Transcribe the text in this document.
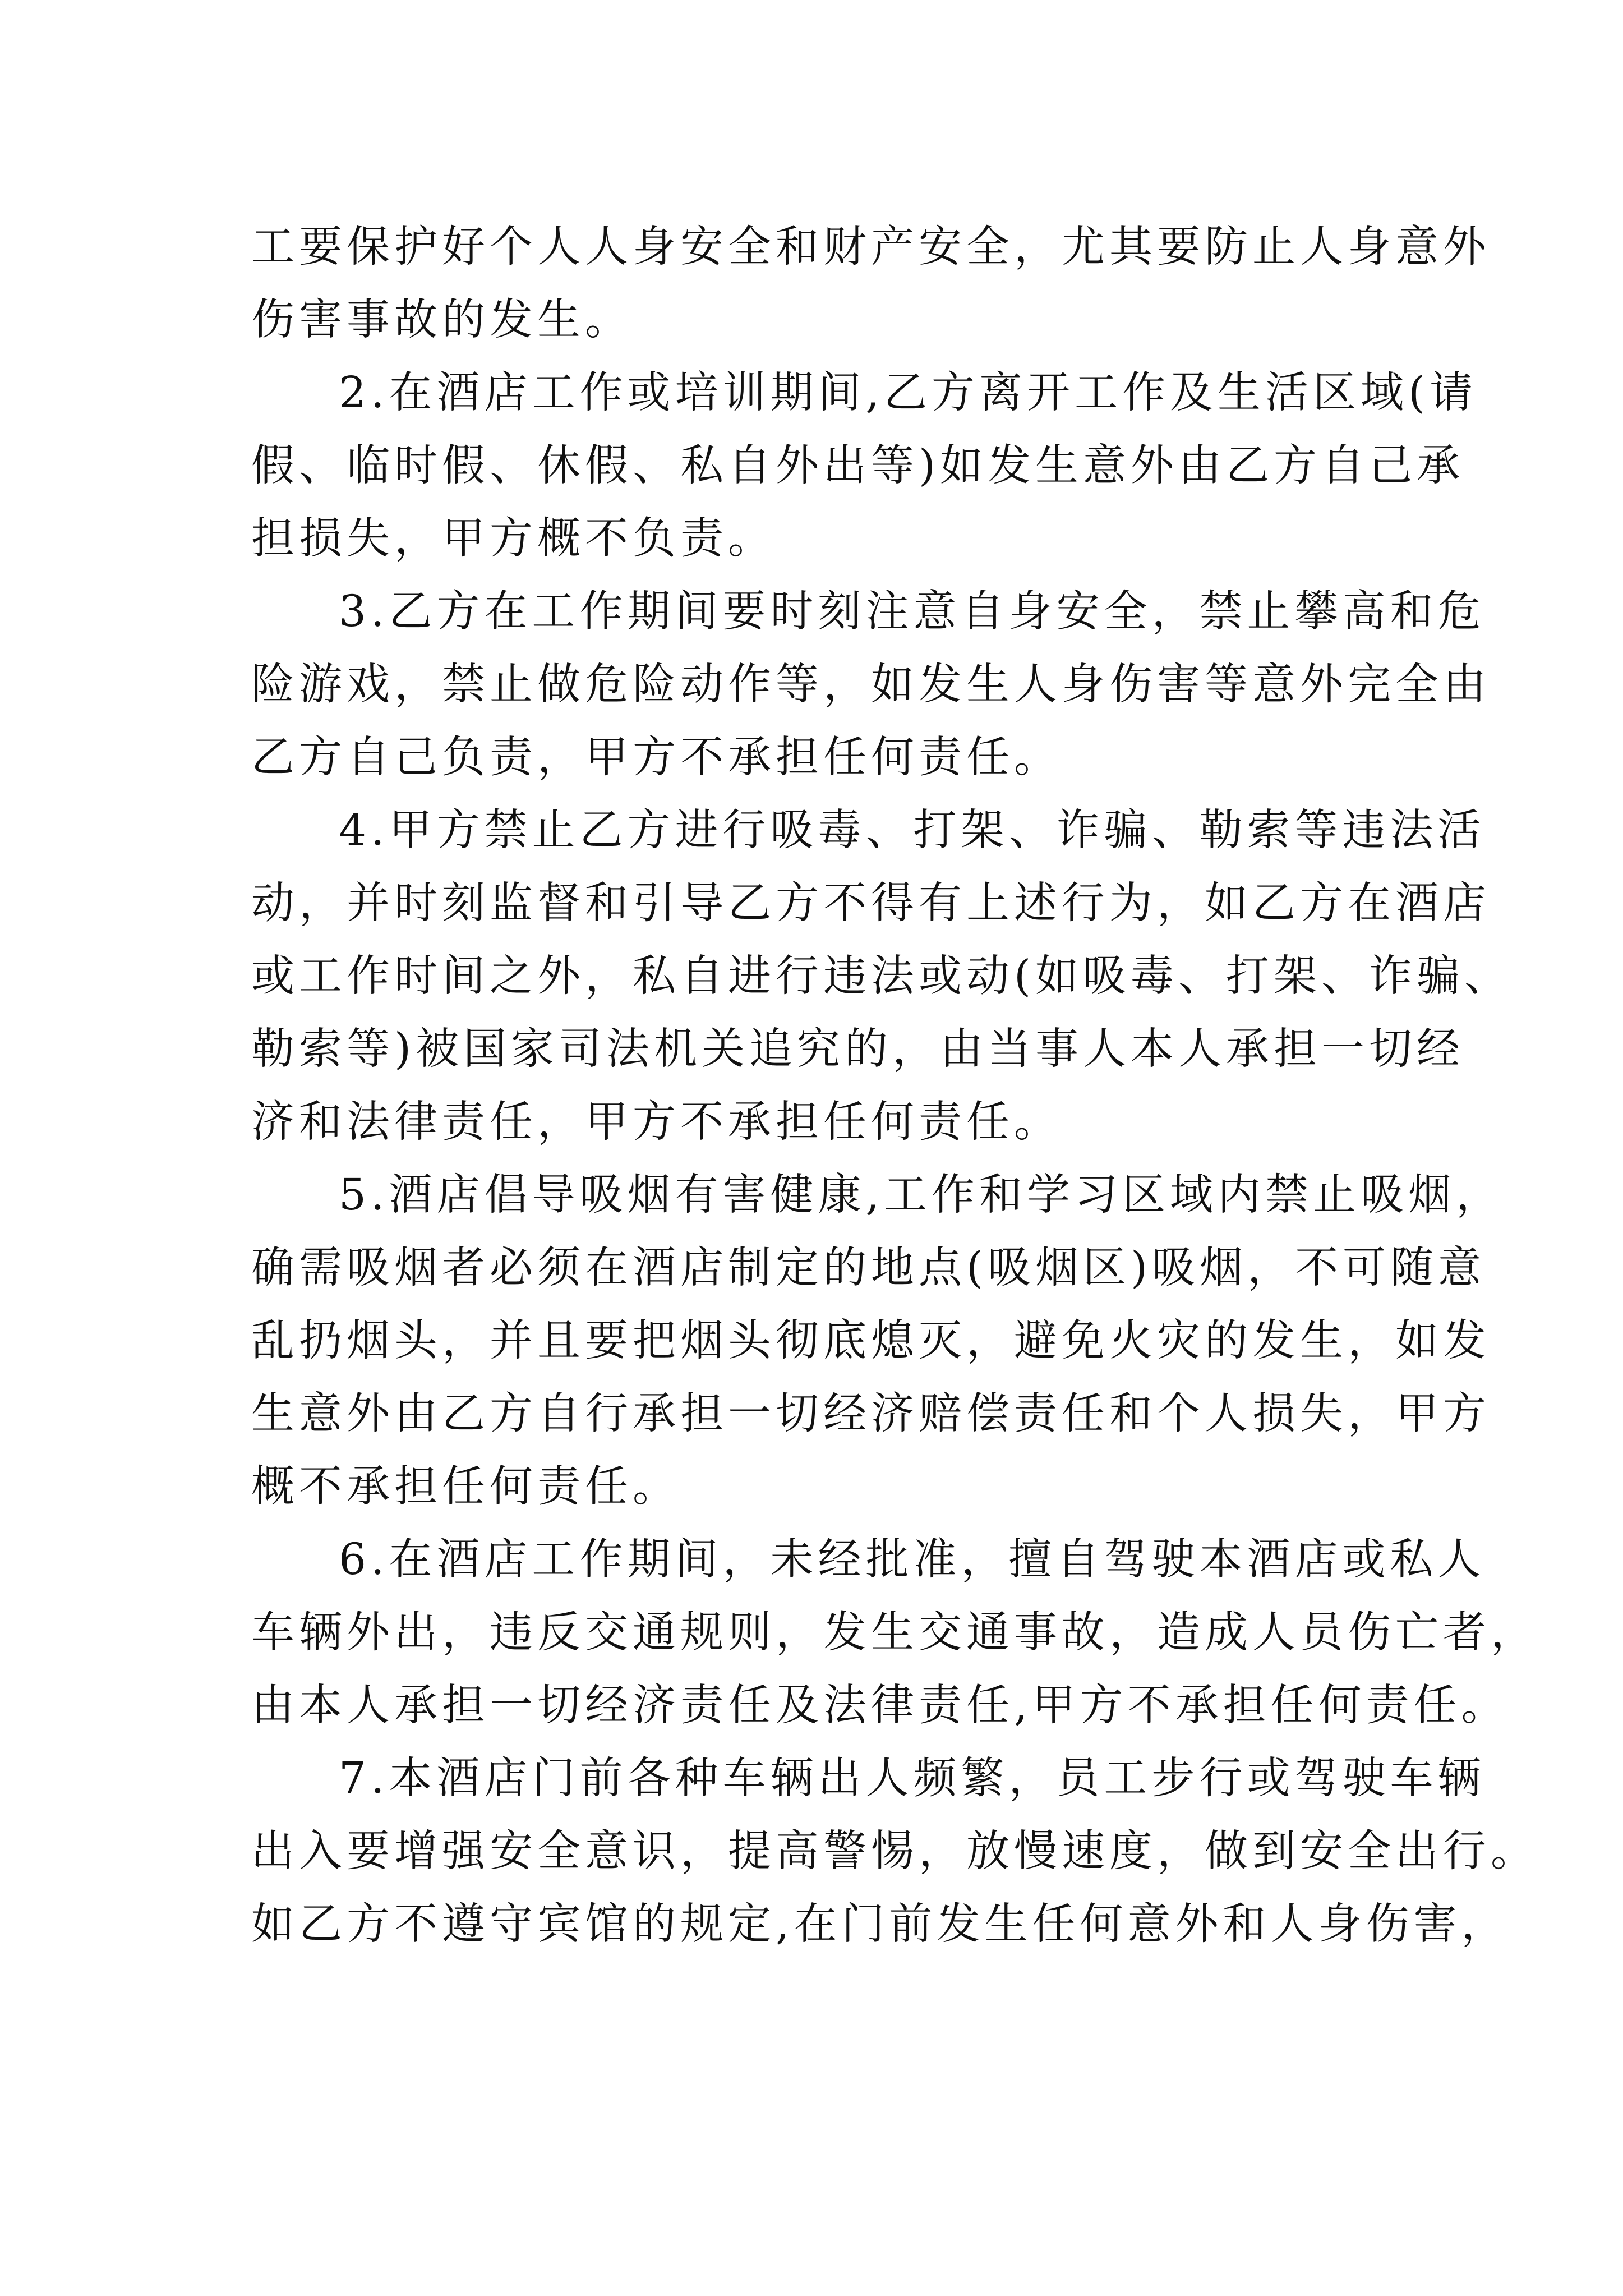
工要保护好个人人身安全和财产安全，尤其要防止人身意外
伤害事故的发生。
2.在酒店工作或培训期间,乙方离开工作及生活区域(请
假、临时假、休假、私自外出等)如发生意外由乙方自己承
担损失，甲方概不负责。
3.乙方在工作期间要时刻注意自身安全，禁止攀高和危
险游戏，禁止做危险动作等，如发生人身伤害等意外完全由
乙方自己负责，甲方不承担任何责任。
4.甲方禁止乙方进行吸毒、打架、诈骗、勒索等违法活
动，并时刻监督和引导乙方不得有上述行为，如乙方在酒店
或工作时间之外，私自进行违法或动(如吸毒、打架、诈骗、
勒索等)被国家司法机关追究的，由当事人本人承担一切经
济和法律责任，甲方不承担任何责任。
5.酒店倡导吸烟有害健康,工作和学习区域内禁止吸烟，
确需吸烟者必须在酒店制定的地点(吸烟区)吸烟，不可随意
乱扔烟头，并且要把烟头彻底熄灭，避免火灾的发生，如发
生意外由乙方自行承担一切经济赔偿责任和个人损失，甲方
概不承担任何责任。
6.在酒店工作期间，未经批准，擅自驾驶本酒店或私人
车辆外出，违反交通规则，发生交通事故，造成人员伤亡者，
由本人承担一切经济责任及法律责任,甲方不承担任何责任。
7.本酒店门前各种车辆出人频繁，员工步行或驾驶车辆
出入要增强安全意识，提高警惕，放慢速度，做到安全出行。
如乙方不遵守宾馆的规定,在门前发生任何意外和人身伤害，
